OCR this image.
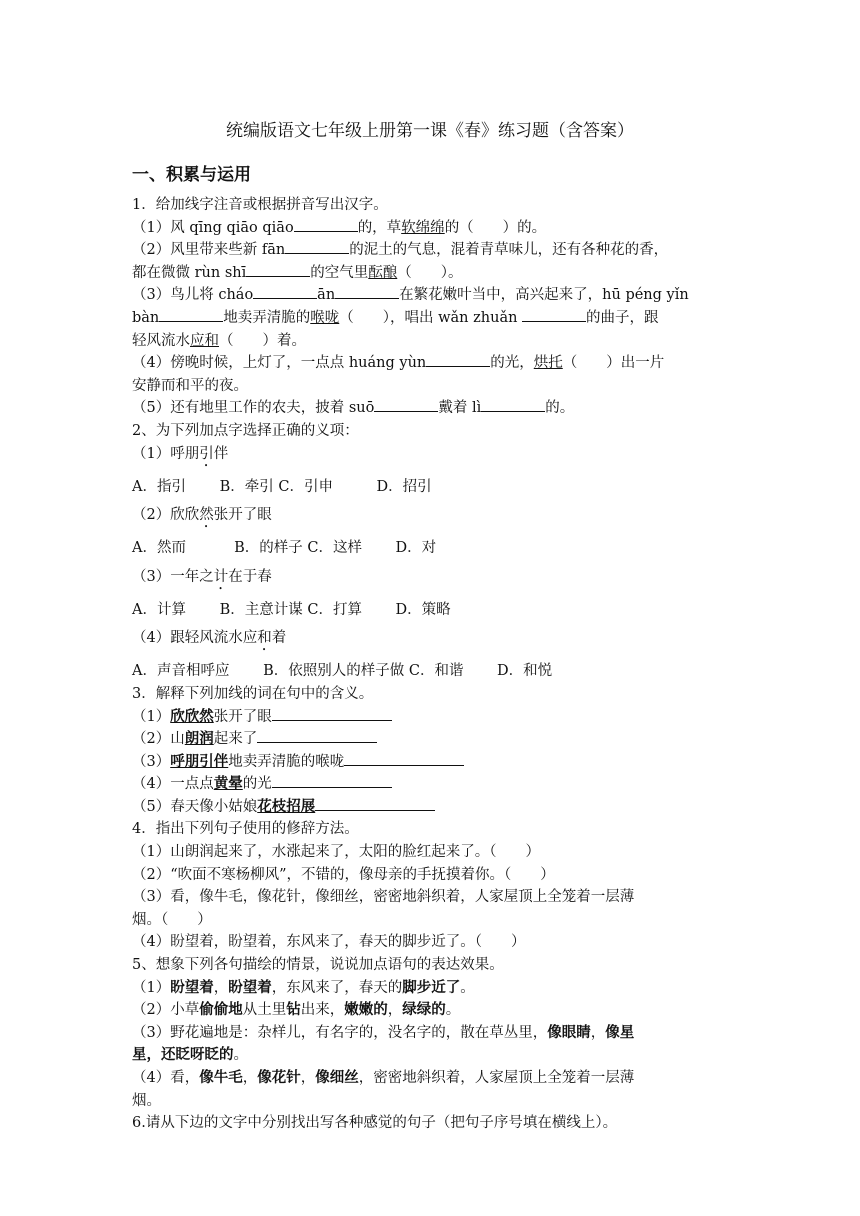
统编版语文七年级上册第一课《春》练习题（含答案）
一、积累与运用
1．给加线字注音或根据拼音写出汉字。
（1）风 qīng qiāo qiāo	的，草软绵绵的（　　）的。
（2）风里带来些新 fān	的泥土的气息，混着青草味儿，还有各种花的香，
都在微微 rùn shī	的空气里酝酿（　　）。
（3）鸟儿将 cháo	ān	在繁花嫩叶当中，高兴起来了，hū péng yǐn
bàn	地卖弄清脆的喉咙（　　），唱出 wǎn zhuǎn	的曲子，跟
轻风流水应和（　　）着。
（4）傍晚时候，上灯了，一点点 huáng yùn	的光，烘托（　　）出一片
安静而和平的夜。
（5）还有地里工作的农夫，披着 suō	戴着 lì	的。
2、为下列加点字选择正确的义项：
（1）呼朋引伴
A．指引　　 B．牵引 C．引申　　　D．招引
（2）欣欣然张开了眼
A．然而　　　 B．的样子 C．这样　　 D．对
（3）一年之计在于春
A．计算　　 B．主意计谋 C．打算　　 D．策略
（4）跟轻风流水应和着
A．声音相呼应　　 B．依照别人的样子做 C．和谐　　 D．和悦
3．解释下列加线的词在句中的含义。
（1）欣欣然张开了眼
（2）山朗润起来了
（3）呼朋引伴地卖弄清脆的喉咙
（4）一点点黄晕的光
（5）春天像小姑娘花枝招展
4．指出下列句子使用的修辞方法。
（1）山朗润起来了，水涨起来了，太阳的脸红起来了。（　　）
（2）“吹面不寒杨柳风”，不错的，像母亲的手抚摸着你。（　　）
（3）看，像牛毛，像花针，像细丝，密密地斜织着，人家屋顶上全笼着一层薄
烟。（　　）
（4）盼望着，盼望着，东风来了，春天的脚步近了。（　　）
5、想象下列各句描绘的情景，说说加点语句的表达效果。
（1）盼望着，盼望着，东风来了，春天的脚步近了。
（2）小草偷偷地从土里钻出来，嫩嫩的，绿绿的。
（3）野花遍地是：杂样儿，有名字的，没名字的，散在草丛里，像眼睛，像星
星，还眨呀眨的。
（4）看，像牛毛，像花针，像细丝，密密地斜织着，人家屋顶上全笼着一层薄
烟。
6.请从下边的文字中分别找出写各种感觉的句子（把句子序号填在横线上）。
